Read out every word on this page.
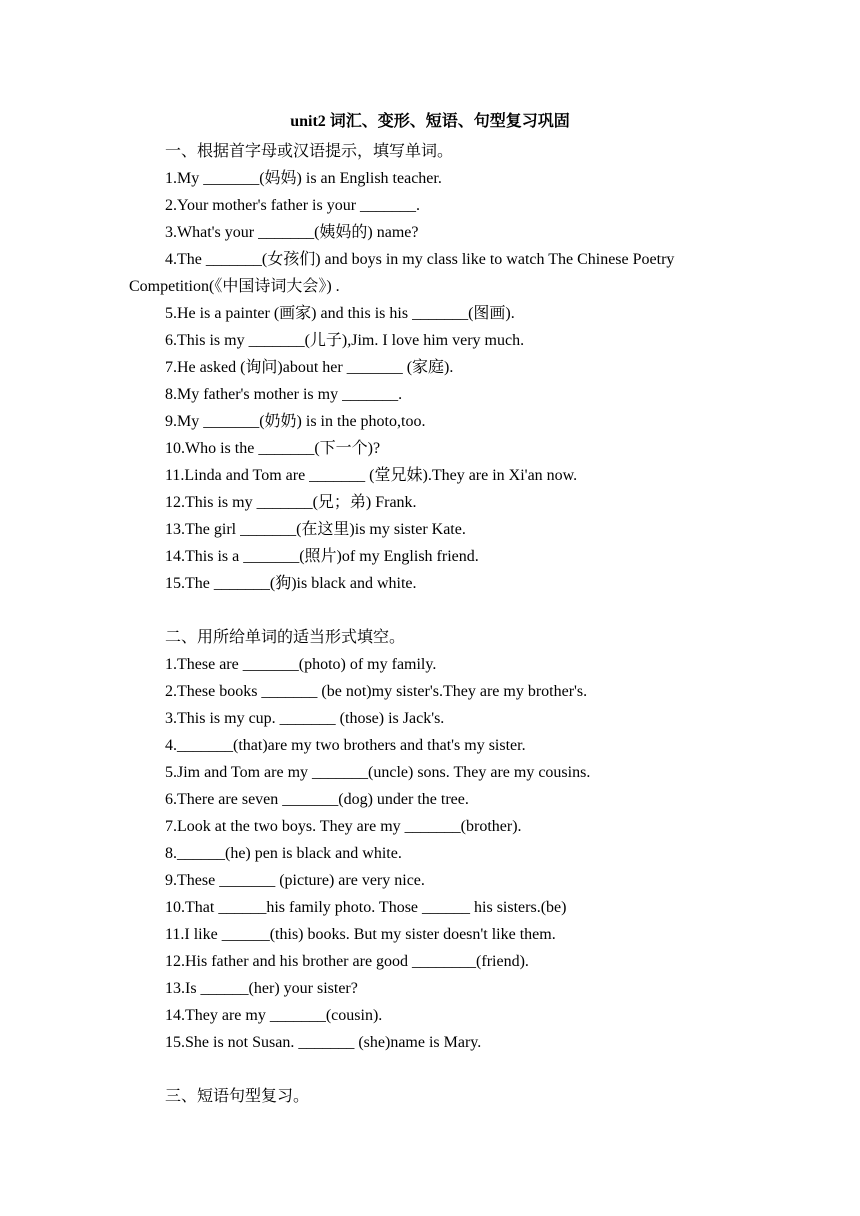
unit2 词汇、变形、短语、句型复习巩固
一、根据首字母或汉语提示，填写单词。
1.My _______(妈妈) is an English teacher.
2.Your mother's father is your _______.
3.What's your _______(姨妈的) name?
4.The _______(女孩们) and boys in my class like to watch The Chinese Poetry
Competition(《中国诗词大会》) .
5.He is a painter (画家) and this is his _______(图画).
6.This is my _______(儿子),Jim. I love him very much.
7.He asked (询问)about her _______ (家庭).
8.My father's mother is my _______.
9.My _______(奶奶) is in the photo,too.
10.Who is the _______(下一个)?
11.Linda and Tom are _______ (堂兄妹).They are in Xi'an now.
12.This is my _______(兄；弟) Frank.
13.The girl _______(在这里)is my sister Kate.
14.This is a _______(照片)of my English friend.
15.The _______(狗)is black and white.
二、用所给单词的适当形式填空。
1.These are _______(photo) of my family.
2.These books _______ (be not)my sister's.They are my brother's.
3.This is my cup. _______ (those) is Jack's.
4._______(that)are my two brothers and that's my sister.
5.Jim and Tom are my _______(uncle) sons. They are my cousins.
6.There are seven _______(dog) under the tree.
7.Look at the two boys. They are my _______(brother).
8.______(he) pen is black and white.
9.These _______ (picture) are very nice.
10.That ______his family photo. Those ______ his sisters.(be)
11.I like ______(this) books. But my sister doesn't like them.
12.His father and his brother are good ________(friend).
13.Is ______(her) your sister?
14.They are my _______(cousin).
15.She is not Susan. _______ (she)name is Mary.
三、短语句型复习。
